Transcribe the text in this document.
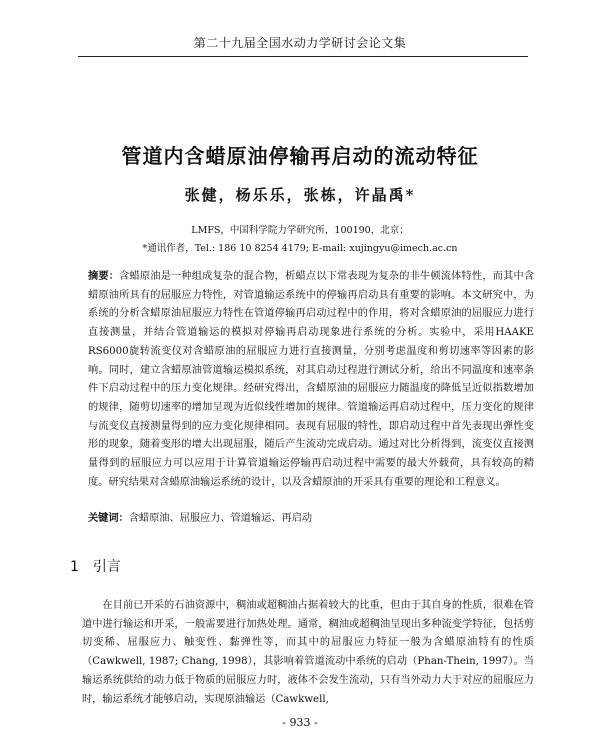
第二十九届全国水动力学研讨会论文集
管道内含蜡原油停输再启动的流动特征
张健，杨乐乐，张栋，许晶禹*
LMFS，中国科学院力学研究所，100190，北京；
*通讯作者，Tel.: 186 10 8254 4179; E-mail: xujingyu@imech.ac.cn
摘要：含蜡原油是一种组成复杂的混合物，析蜡点以下常表现为复杂的非牛顿流体特性，而其中含蜡原油所具有的屈服应力特性，对管道输运系统中的停输再启动具有重要的影响。本文研究中，为系统的分析含蜡原油屈服应力特性在管道停输再启动过程中的作用，将对含蜡原油的屈服应力进行直接测量，并结合管道输运的模拟对停输再启动现象进行系统的分析。实验中，采用HAAKE RS6000旋转流变仪对含蜡原油的屈服应力进行直接测量，分别考虑温度和剪切速率等因素的影响。同时，建立含蜡原油管道输运模拟系统，对其启动过程进行测试分析，给出不同温度和速率条件下启动过程中的压力变化规律。经研究得出，含蜡原油的屈服应力随温度的降低呈近似指数增加的规律，随剪切速率的增加呈现为近似线性增加的规律。管道输运再启动过程中，压力变化的规律与流变仪直接测量得到的应力变化规律相同。表现有屈服的特性，即启动过程中首先表现出弹性变形的现象，随着变形的增大出现屈服，随后产生流动完成启动。通过对比分析得到，流变仪直接测量得到的屈服应力可以应用于计算管道输运停输再启动过程中需要的最大外载荷，具有较高的精度。研究结果对含蜡原油输运系统的设计，以及含蜡原油的开采具有重要的理论和工程意义。
关键词：含蜡原油、屈服应力、管道输运、再启动
1 引言
在目前已开采的石油资源中，稠油或超稠油占据着较大的比重，但由于其自身的性质，很难在管道中进行输运和开采，一般需要进行加热处理。通常，稠油或超稠油呈现出多种流变学特征，包括剪切变稀、屈服应力、触变性、黏弹性等，而其中的屈服应力特征一般为含蜡原油特有的性质（Cawkwell, 1987; Chang, 1998），其影响着管道流动中系统的启动（Phan-Thein, 1997）。当输运系统供给的动力低于物质的屈服应力时，液体不会发生流动，只有当外动力大于对应的屈服应力时，输运系统才能够启动，实现原油输运（Cawkwell,
- 933 -
